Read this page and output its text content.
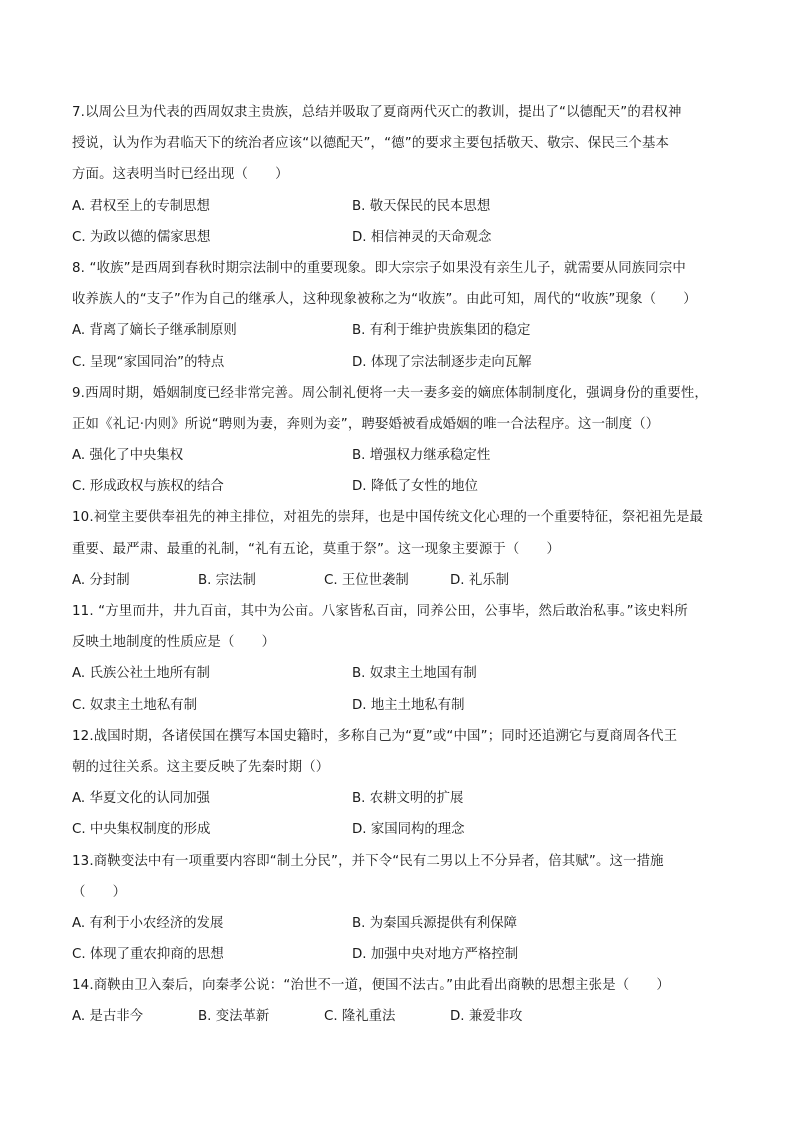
7.以周公旦为代表的西周奴隶主贵族，总结并吸取了夏商两代灭亡的教训，提出了“以德配天”的君权神
授说，认为作为君临天下的统治者应该“以德配天”，“德”的要求主要包括敬天、敬宗、保民三个基本
方面。这表明当时已经出现（　　）
A. 君权至上的专制思想	B. 敬天保民的民本思想
C. 为政以德的儒家思想	D. 相信神灵的天命观念
8. “收族”是西周到春秋时期宗法制中的重要现象。即大宗宗子如果没有亲生儿子，就需要从同族同宗中
收养族人的“支子”作为自己的继承人，这种现象被称之为“收族”。由此可知，周代的“收族”现象（　　）
A. 背离了嫡长子继承制原则	B. 有利于维护贵族集团的稳定
C. 呈现“家国同治”的特点	D. 体现了宗法制逐步走向瓦解
9.西周时期，婚姻制度已经非常完善。周公制礼便将一夫一妻多妾的嫡庶体制制度化，强调身份的重要性，
正如《礼记·内则》所说“聘则为妻，奔则为妾”，聘娶婚被看成婚姻的唯一合法程序。这一制度（）
A. 强化了中央集权	B. 增强权力继承稳定性
C. 形成政权与族权的结合	D. 降低了女性的地位
10.祠堂主要供奉祖先的神主排位，对祖先的崇拜，也是中国传统文化心理的一个重要特征，祭祀祖先是最
重要、最严肃、最重的礼制，“礼有五论，莫重于祭”。这一现象主要源于（　　）
A. 分封制	B. 宗法制	C. 王位世袭制	D. 礼乐制
11. “方里而井，井九百亩，其中为公亩。八家皆私百亩，同养公田，公事毕，然后敢治私事。”该史料所
反映土地制度的性质应是（　　）
A. 氏族公社土地所有制	B. 奴隶主土地国有制
C. 奴隶主土地私有制	D. 地主土地私有制
12.战国时期，各诸侯国在撰写本国史籍时，多称自己为“夏”或“中国”；同时还追溯它与夏商周各代王
朝的过往关系。这主要反映了先秦时期（）
A. 华夏文化的认同加强	B. 农耕文明的扩展
C. 中央集权制度的形成	D. 家国同构的理念
13.商鞅变法中有一项重要内容即“制土分民”，并下令“民有二男以上不分异者，倍其赋”。这一措施
（　　）
A. 有利于小农经济的发展	B. 为秦国兵源提供有利保障
C. 体现了重农抑商的思想	D. 加强中央对地方严格控制
14.商鞅由卫入秦后，向秦孝公说：“治世不一道，便国不法古。”由此看出商鞅的思想主张是（　　）
A. 是古非今	B. 变法革新	C. 隆礼重法	D. 兼爱非攻
